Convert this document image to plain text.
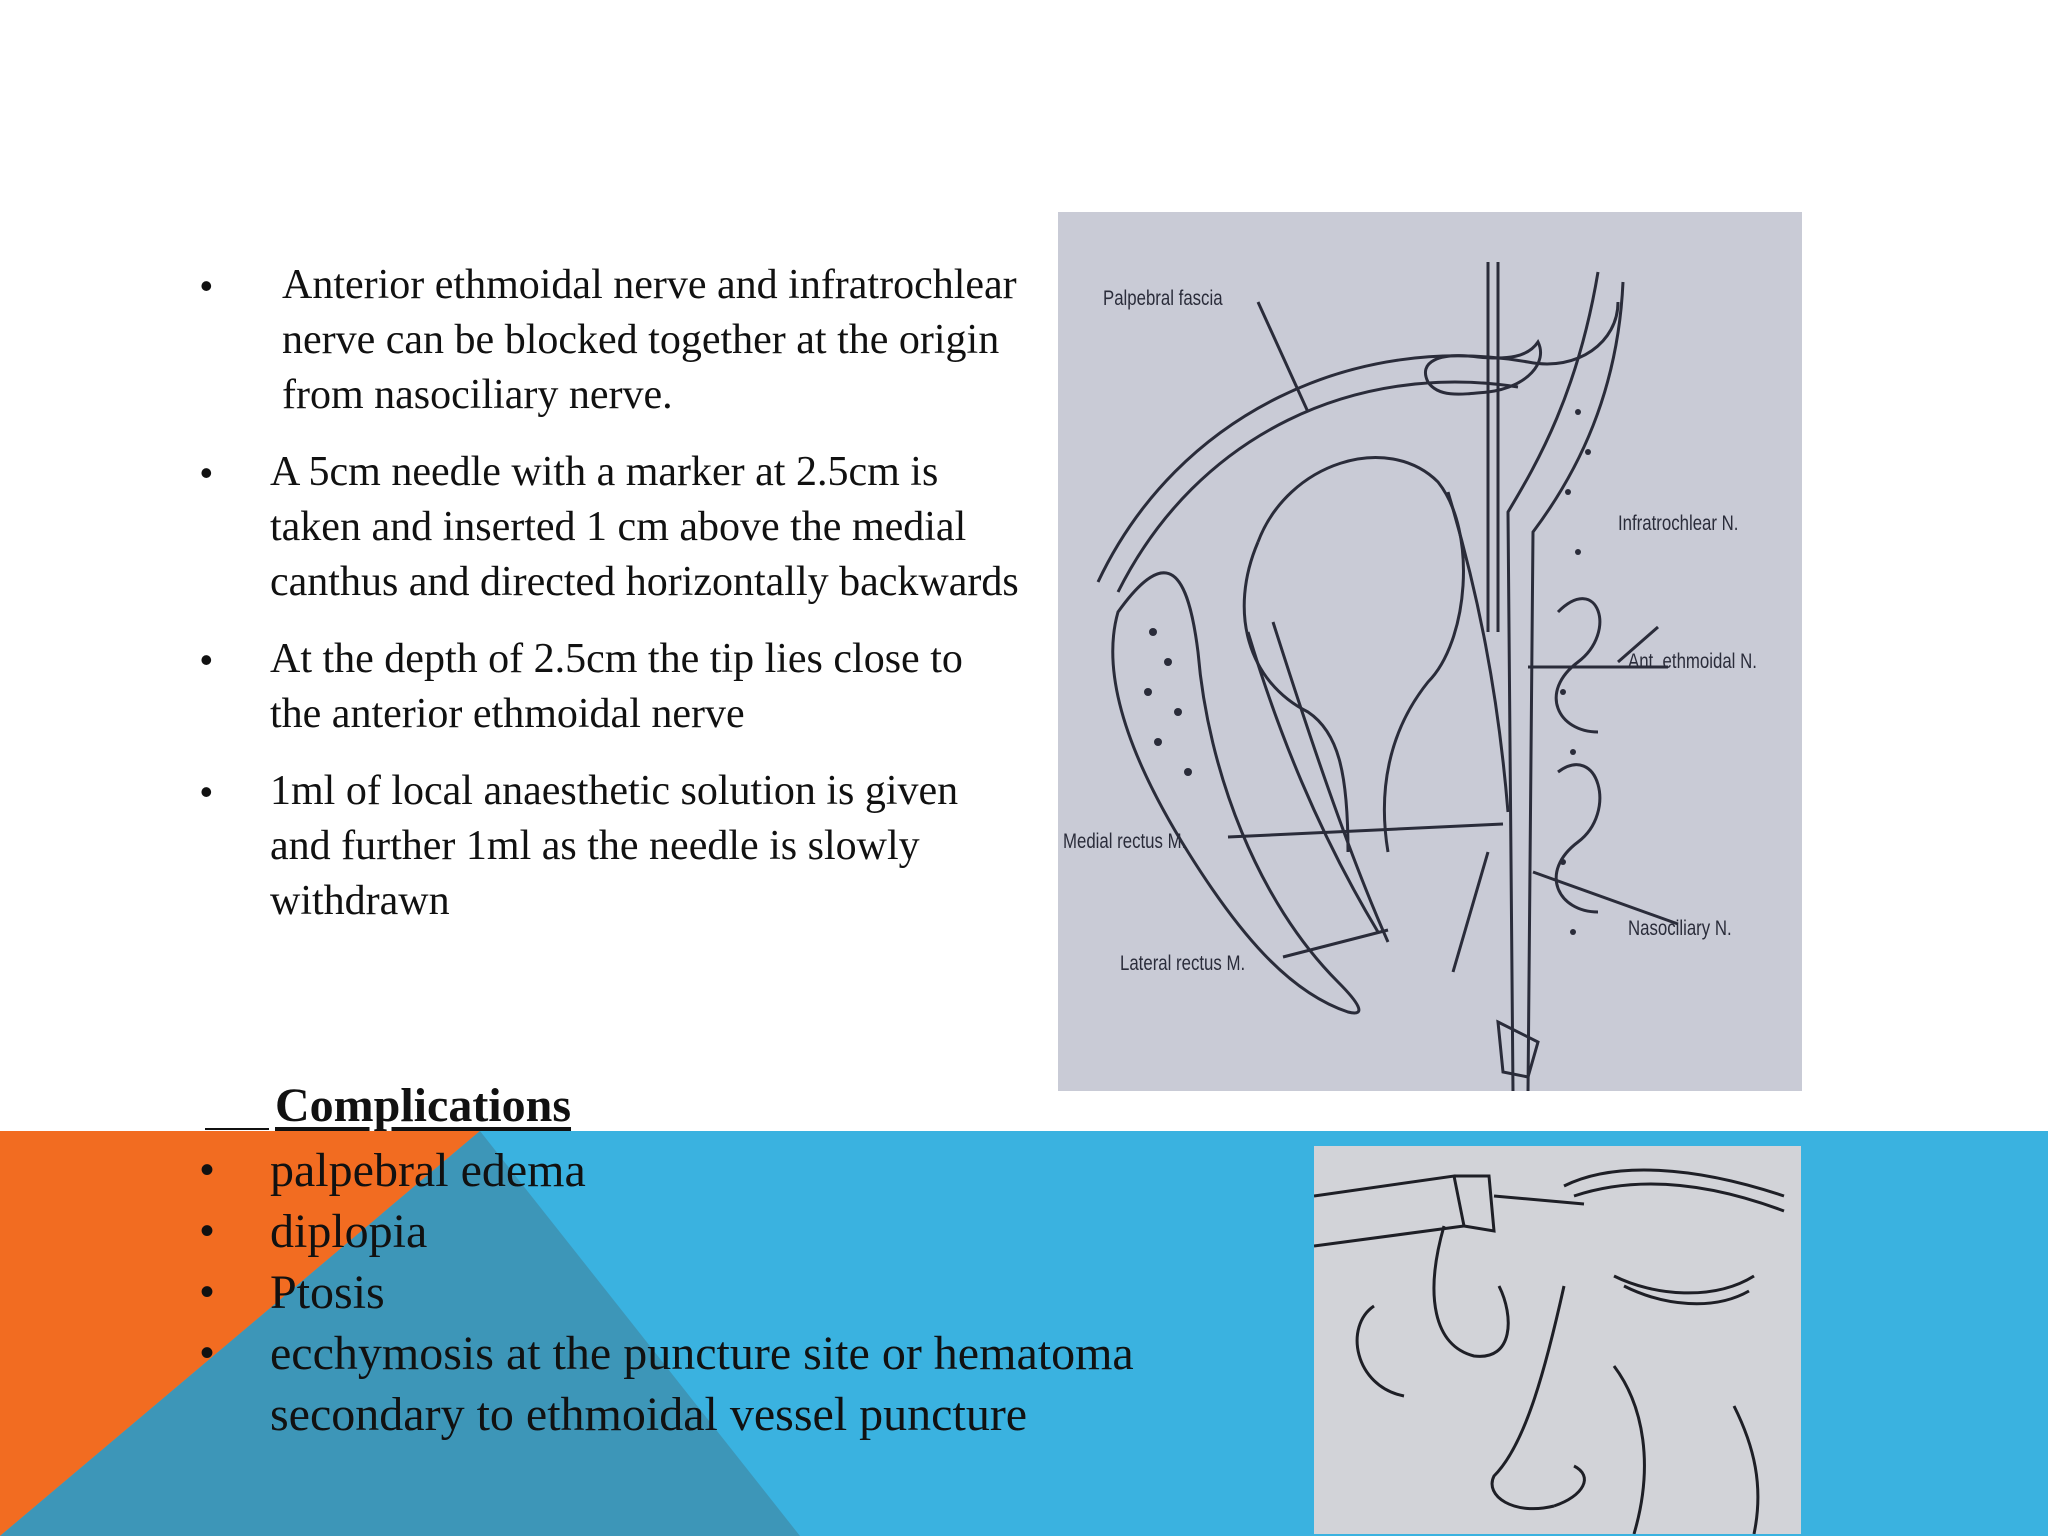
• Anterior ethmoidal nerve and infratrochlear nerve can be blocked together at the origin from nasociliary nerve.
• A 5cm needle with a marker at 2.5cm is taken and inserted 1 cm above the medial canthus and directed horizontally backwards
• At the depth of 2.5cm the tip lies close to the anterior ethmoidal nerve
• 1ml of local anaesthetic solution is given and further 1ml as the needle is slowly withdrawn
Complications
• palpebral edema
• diplopia
• Ptosis
• ecchymosis at the puncture site or hematoma secondary to ethmoidal vessel puncture
Palpebral fascia
Infratrochlear N.
Ant. ethmoidal N.
Medial rectus M.
Nasociliary N.
Lateral rectus M.
